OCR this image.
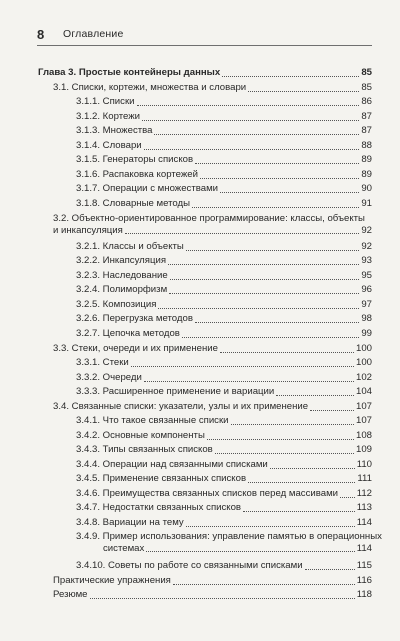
8 Оглавление
Глава 3. Простые контейнеры данных	85
3.1. Списки, кортежи, множества и словари	85
3.1.1. Списки	86
3.1.2. Кортежи	87
3.1.3. Множества	87
3.1.4. Словари	88
3.1.5. Генераторы списков	89
3.1.6. Распаковка кортежей	89
3.1.7. Операции с множествами	90
3.1.8. Словарные методы	91
3.2. Объектно-ориентированное программирование: классы, объекты
и инкапсуляция	92
3.2.1. Классы и объекты	92
3.2.2. Инкапсуляция	93
3.2.3. Наследование	95
3.2.4. Полиморфизм	96
3.2.5. Композиция	97
3.2.6. Перегрузка методов	98
3.2.7. Цепочка методов	99
3.3. Стеки, очереди и их применение	100
3.3.1. Стеки	100
3.3.2. Очереди	102
3.3.3. Расширенное применение и вариации	104
3.4. Связанные списки: указатели, узлы и их применение	107
3.4.1. Что такое связанные списки	107
3.4.2. Основные компоненты	108
3.4.3. Типы связанных списков	109
3.4.4. Операции над связанными списками	110
3.4.5. Применение связанных списков	111
3.4.6. Преимущества связанных списков перед массивами 112
3.4.7. Недостатки связанных списков	113
3.4.8. Вариации на тему	114
3.4.9. Пример использования: управление памятью в операционных
системах	114
3.4.10. Советы по работе со связанными списками	115
Практические упражнения	116
Резюме	118
